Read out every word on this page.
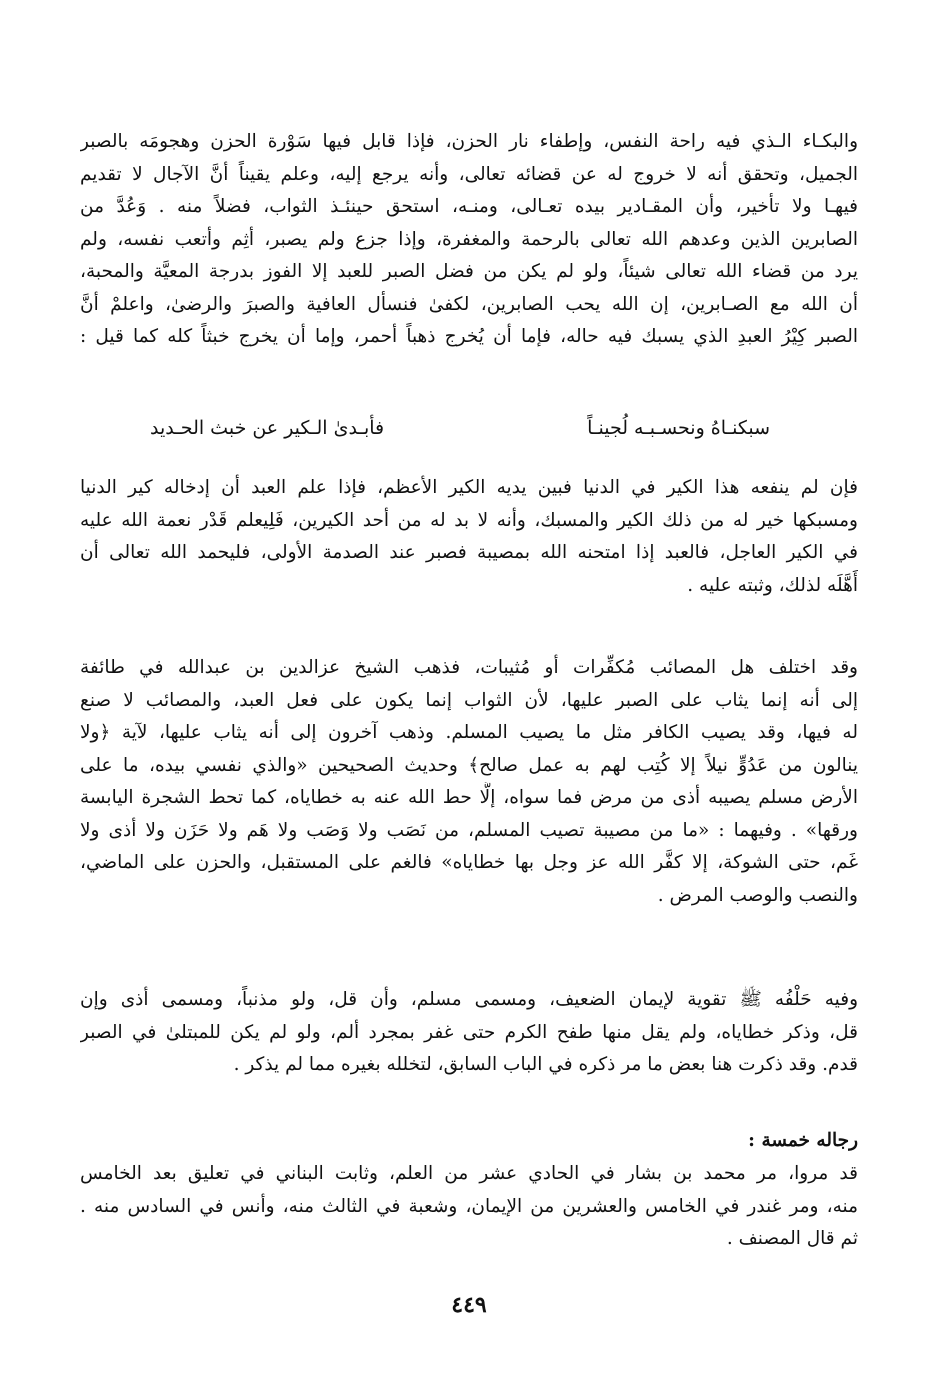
والبكـاء الـذي فيه راحة النفس، وإطفاء نار الحزن، فإذا قابل فيها سَوْرة الحزن وهجومَه بالصبر
الجميل، وتحقق أنه لا خروج له عن قضائه تعالى، وأنه يرجع إليه، وعلم يقيناً أنَّ الآجال لا تقديم
فيهـا ولا تأخير، وأن المقـادير بيده تعـالى، ومنـه، استحق حينئـذ الثواب، فضلاً منه . وَعُدَّ من
الصابرين الذين وعدهم الله تعالى بالرحمة والمغفرة، وإذا جزع ولم يصبر، أثِم وأتعب نفسه، ولم
يرد من قضاء الله تعالى شيئاً، ولو لم يكن من فضل الصبر للعبد إلا الفوز بدرجة المعيَّة والمحبة،
أن الله مع الصـابرين، إن الله يحب الصابرين، لكفىٰ فنسأل العافية والصبرَ والرضىٰ، واعلمْ أنَّ
الصبر كِيْرُ العبدِ الذي يسبك فيه حاله، فإما أن يُخرج ذهباً أحمر، وإما أن يخرج خبثاً كله كما قيل :
سبكنـاهُ ونحسـبـه لُجينـاً
فأبـدىٰ الـكير عن خبث الحـديد
فإن لم ينفعه هذا الكير في الدنيا فبين يديه الكير الأعظم، فإذا علم العبد أن إدخاله كير الدنيا
ومسبكها خير له من ذلك الكير والمسبك، وأنه لا بد له من أحد الكيرين، فَلِيعلم قَدْر نعمة الله عليه
في الكير العاجل، فالعبد إذا امتحنه الله بمصيبة فصبر عند الصدمة الأولى، فليحمد الله تعالى أن
أَهَّلَه لذلك، وثبته عليه .
وقد اختلف هل المصائب مُكفِّرات أو مُثيبات، فذهب الشيخ عزالدين بن عبدالله في طائفة
إلى أنه إنما يثاب على الصبر عليها، لأن الثواب إنما يكون على فعل العبد، والمصائب لا صنع
له فيها، وقد يصيب الكافر مثل ما يصيب المسلم. وذهب آخرون إلى أنه يثاب عليها، لآية ﴿ولا
ينالون من عَدُوٍّ نيلاً إلا كُتِب لهم به عمل صالح﴾ وحديث الصحيحين «والذي نفسي بيده، ما على
الأرض مسلم يصيبه أذى من مرض فما سواه، إلَّا حط الله عنه به خطاياه، كما تحط الشجرة اليابسة
ورقها» . وفيهما : «ما من مصيبة تصيب المسلم، من نَصَب ولا وَصَب ولا هَم ولا حَزَن ولا أذى ولا
غَم، حتى الشوكة، إلا كفَّر الله عز وجل بها خطاياه» فالغم على المستقبل، والحزن على الماضي،
والنصب والوصب المرض .
وفيه حَلْفُه ﷺ تقوية لإيمان الضعيف، ومسمى مسلم، وأن قل، ولو مذنباً، ومسمى أذى وإن
قل، وذكر خطاياه، ولم يقل منها طفح الكرم حتى غفر بمجرد ألم، ولو لم يكن للمبتلىٰ في الصبر
قدم. وقد ذكرت هنا بعض ما مر ذكره في الباب السابق، لتخلله بغيره مما لم يذكر .
رجاله خمسة :
قد مروا، مر محمد بن بشار في الحادي عشر من العلم، وثابت البناني في تعليق بعد الخامس
منه، ومر غندر في الخامس والعشرين من الإيمان، وشعبة في الثالث منه، وأنس في السادس منه .
ثم قال المصنف .
٤٤٩
